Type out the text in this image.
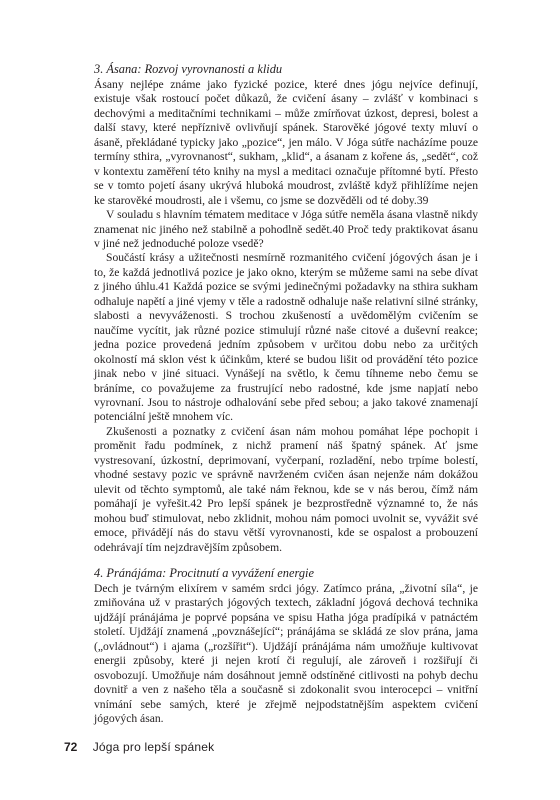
3. Ásana: Rozvoj vyrovnanosti a klidu

Ásany nejlépe známe jako fyzické pozice, které dnes jógu nejvíce definují, existuje však rostoucí počet důkazů, že cvičení ásany – zvlášť v kombinaci s dechovými a meditačními technikami – může zmírňovat úzkost, depresi, bolest a další stavy, které nepříznivě ovlivňují spánek. Starověké jógové texty mluví o ásaně, překládané typicky jako „pozice“, jen málo. V Jóga sútře nacházíme pouze termíny sthira, „vyrovnanost“, sukham, „klid“, a ásanam z kořene ás, „sedět“, což v kontextu zaměření této knihy na mysl a meditaci označuje přítomné bytí. Přesto se v tomto pojetí ásany ukrývá hluboká moudrost, zvláště když přihlížíme nejen ke starověké moudrosti, ale i všemu, co jsme se dozvěděli od té doby.39

V souladu s hlavním tématem meditace v Jóga sútře neměla ásana vlastně nikdy znamenat nic jiného než stabilně a pohodlně sedět.40 Proč tedy praktikovat ásanu v jiné než jednoduché poloze vsedě?

Součástí krásy a užitečnosti nesmírně rozmanitého cvičení jógových ásan je i to, že každá jednotlivá pozice je jako okno, kterým se můžeme sami na sebe dívat z jiného úhlu.41 Každá pozice se svými jedinečnými požadavky na sthira sukham odhaluje napětí a jiné vjemy v těle a radostně odhaluje naše relativní silné stránky, slabosti a nevyváženosti. S trochou zkušeností a uvědomělým cvičením se naučíme vycítit, jak různé pozice stimulují různé naše citové a duševní reakce; jedna pozice provedená jedním způsobem v určitou dobu nebo za určitých okolností má sklon vést k účinkům, které se budou lišit od provádění této pozice jinak nebo v jiné situaci. Vynášejí na světlo, k čemu tíhneme nebo čemu se bráníme, co považujeme za frustrující nebo radostné, kde jsme napjatí nebo vyrovnaní. Jsou to nástroje odhalování sebe před sebou; a jako takové znamenají potenciální ještě mnohem víc.

Zkušenosti a poznatky z cvičení ásan nám mohou pomáhat lépe pochopit i proměnit řadu podmínek, z nichž pramení náš špatný spánek. Ať jsme vystresovaní, úzkostní, deprimovaní, vyčerpaní, rozladění, nebo trpíme bolestí, vhodné sestavy pozic ve správně navrženém cvičen ásan nejenže nám dokážou ulevit od těchto symptomů, ale také nám řeknou, kde se v nás berou, čímž nám pomáhají je vyřešit.42 Pro lepší spánek je bezprostředně významné to, že nás mohou buď stimulovat, nebo zklidnit, mohou nám pomoci uvolnit se, vyvážit své emoce, přivádějí nás do stavu větší vyrovnanosti, kde se ospalost a probouzení odehrávají tím nejzdravějším způsobem.

4. Pránájáma: Procitnutí a vyvážení energie

Dech je tvárným elixírem v samém srdci jógy. Zatímco prána, „životní síla“, je zmiňována už v prastarých jógových textech, základní jógová dechová technika ujdžájí pránájáma je poprvé popsána ve spisu Hatha jóga pradípiká v patnáctém století. Ujdžájí znamená „povznášející“; pránájáma se skládá ze slov prána, jama („ovládnout“) i ajama („rozšířit“). Ujdžájí pránájáma nám umožňuje kultivovat energii způsoby, které ji nejen krotí či regulují, ale zároveň i rozšiřují či osvobozují. Umožňuje nám dosáhnout jemně odstíněné citlivosti na pohyb dechu dovnitř a ven z našeho těla a současně si zdokonalit svou interocepci – vnitřní vnímání sebe samých, které je zřejmě nejpodstatnějším aspektem cvičení jógových ásan.

72 Jóga pro lepší spánek
